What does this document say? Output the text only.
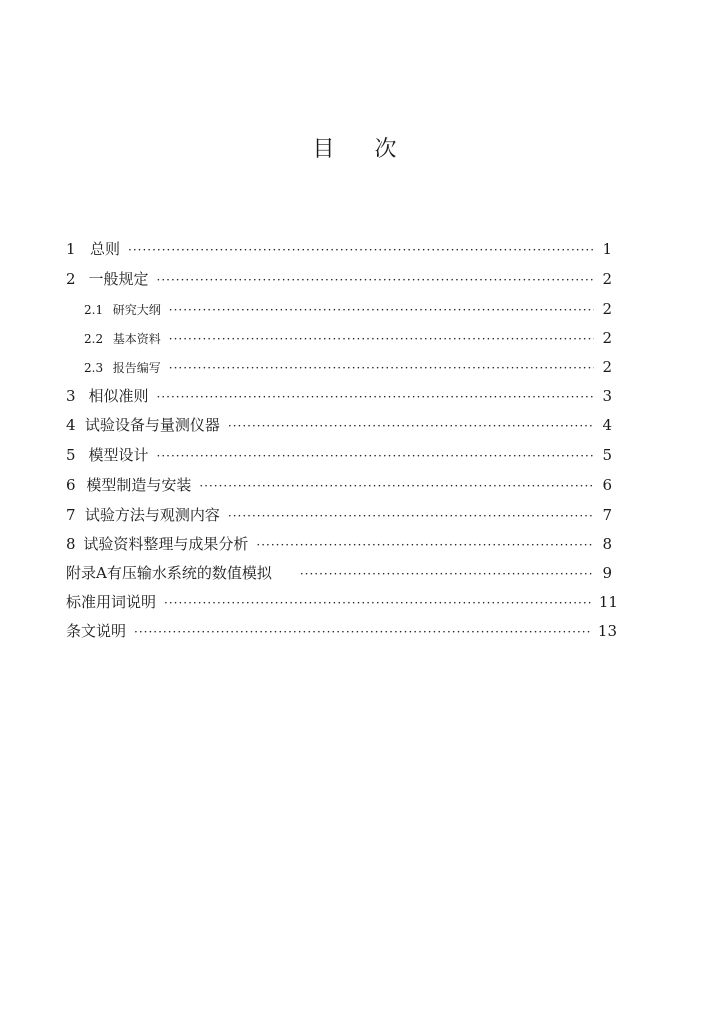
目 次
1 总则 ·····	1
2 一般规定 ·····	2
2.1 研究大纲 ·····	2
2.2 基本资料 ·····	2
2.3 报告编写 ·····	2
3 相似准则 ·····	3
4 试验设备与量测仪器 ·····	4
5 模型设计 ·····	5
6 模型制造与安装 ·····	6
7 试验方法与观测内容 ·····	7
8 试验资料整理与成果分析 ·····	8
附录A 有压输水系统的数值模拟 ·····	9
标准用词说明 ·····	11
条文说明 ·····	13
